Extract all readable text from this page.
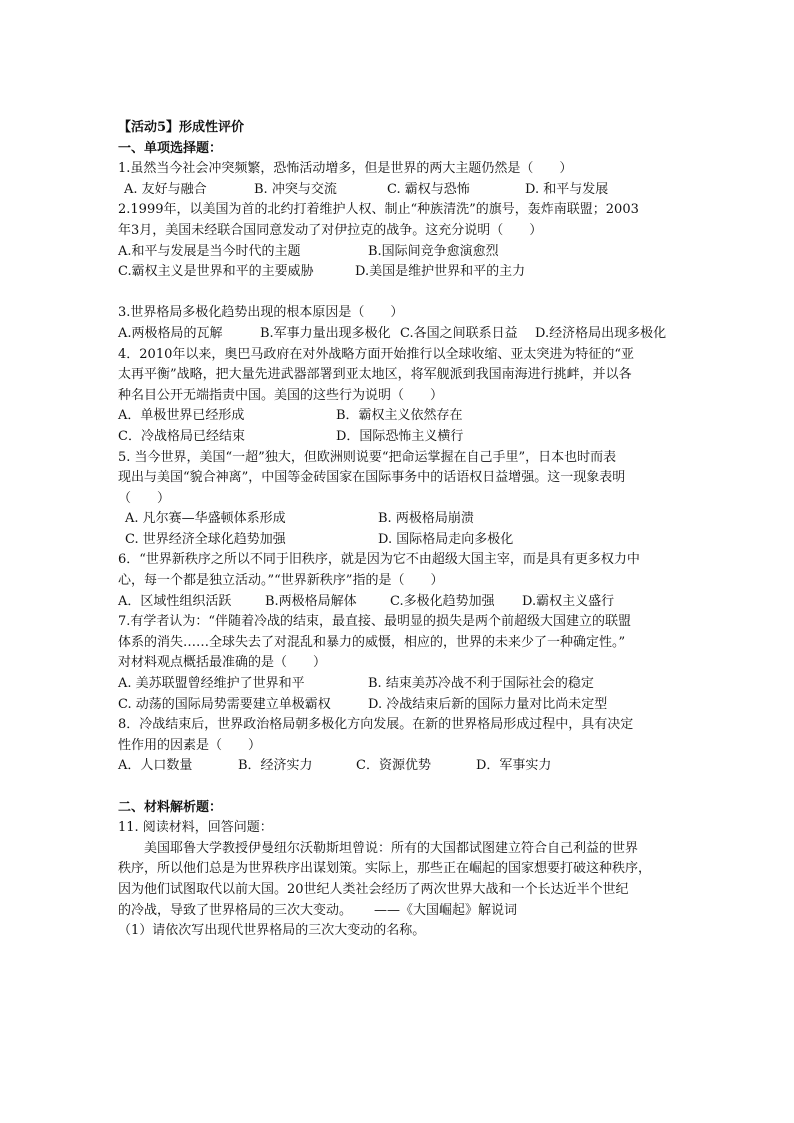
【活动5】形成性评价
一、单项选择题：
1.虽然当今社会冲突频繁，恐怖活动增多，但是世界的两大主题仍然是（　　）
A. 友好与融合	B. 冲突与交流	C. 霸权与恐怖	D. 和平与发展
2.1999年，以美国为首的北约打着维护人权、制止“种族清洗”的旗号，轰炸南联盟；2003
年3月，美国未经联合国同意发动了对伊拉克的战争。这充分说明（　　）
A.和平与发展是当今时代的主题	B.国际间竞争愈演愈烈
C.霸权主义是世界和平的主要威胁	D.美国是维护世界和平的主力
3.世界格局多极化趋势出现的根本原因是（　　）
A.两极格局的瓦解	B.军事力量出现多极化 C.各国之间联系日益	D.经济格局出现多极化
4．2010年以来，奥巴马政府在对外战略方面开始推行以全球收缩、亚太突进为特征的“亚
太再平衡”战略，把大量先进武器部署到亚太地区，将军舰派到我国南海进行挑衅，并以各
种名目公开无端指责中国。美国的这些行为说明（　　）
A．单极世界已经形成	B．霸权主义依然存在
C．冷战格局已经结束	D．国际恐怖主义横行
5. 当今世界，美国“一超”独大，但欧洲则说要“把命运掌握在自己手里”，日本也时而表
现出与美国“貌合神离”，中国等金砖国家在国际事务中的话语权日益增强。这一现象表明
（　　）
A. 凡尔赛—华盛顿体系形成	B. 两极格局崩溃
C. 世界经济全球化趋势加强	D. 国际格局走向多极化
6．“世界新秩序之所以不同于旧秩序，就是因为它不由超级大国主宰，而是具有更多权力中
心，每一个都是独立活动。”“世界新秩序”指的是（　　）
A．区域性组织活跃	B.两极格局解体	C.多极化趋势加强	D.霸权主义盛行
7.有学者认为：“伴随着冷战的结束，最直接、最明显的损失是两个前超级大国建立的联盟
体系的消失……全球失去了对混乱和暴力的威慑，相应的，世界的未来少了一种确定性。”
对材料观点概括最准确的是（　　）
A. 美苏联盟曾经维护了世界和平	B. 结束美苏冷战不利于国际社会的稳定
C. 动荡的国际局势需要建立单极霸权	D. 冷战结束后新的国际力量对比尚未定型
8．冷战结束后，世界政治格局朝多极化方向发展。在新的世界格局形成过程中，具有决定
性作用的因素是（　　）
A．人口数量	B．经济实力	C．资源优势	D．军事实力
二、材料解析题：
11. 阅读材料，回答问题：
美国耶鲁大学教授伊曼纽尔沃勒斯坦曾说：所有的大国都试图建立符合自己利益的世界
秩序，所以他们总是为世界秩序出谋划策。实际上，那些正在崛起的国家想要打破这种秩序，
因为他们试图取代以前大国。20世纪人类社会经历了两次世界大战和一个长达近半个世纪
的冷战，导致了世界格局的三次大变动。 ——《大国崛起》解说词
（1）请依次写出现代世界格局的三次大变动的名称。
